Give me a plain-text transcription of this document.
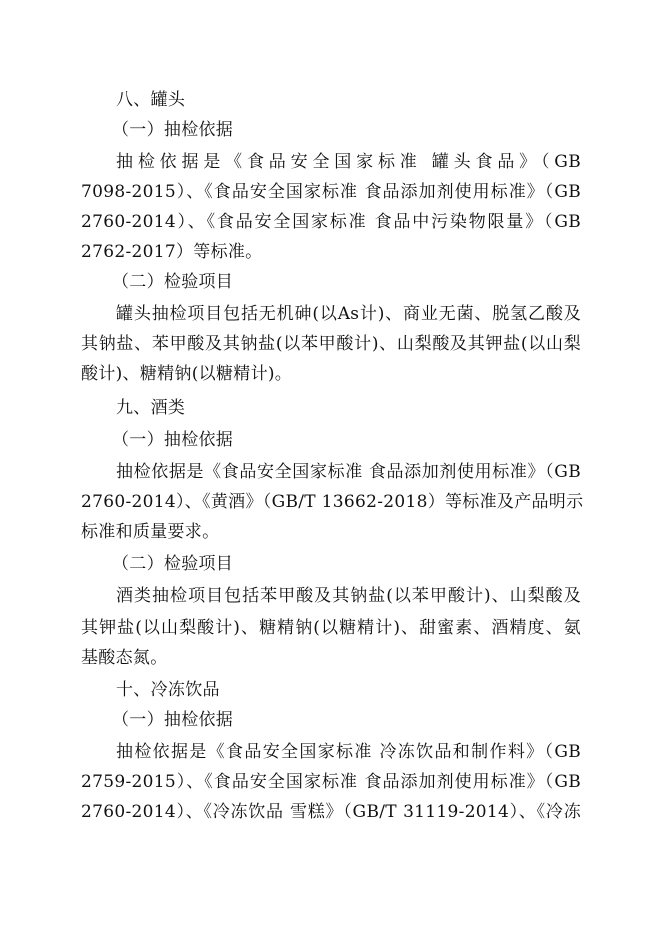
八、罐头
（一）抽检依据
抽检依据是《食品安全国家标准 罐头食品》（GB
7098-2015）、《食品安全国家标准 食品添加剂使用标准》（GB
2760-2014）、《食品安全国家标准 食品中污染物限量》（GB
2762-2017）等标准。
（二）检验项目
罐头抽检项目包括无机砷(以As计)、商业无菌、脱氢乙酸及
其钠盐、苯甲酸及其钠盐(以苯甲酸计)、山梨酸及其钾盐(以山梨
酸计)、糖精钠(以糖精计)。
九、酒类
（一）抽检依据
抽检依据是《食品安全国家标准 食品添加剂使用标准》（GB
2760-2014）、《黄酒》（GB/T 13662-2018）等标准及产品明示
标准和质量要求。
（二）检验项目
酒类抽检项目包括苯甲酸及其钠盐(以苯甲酸计)、山梨酸及
其钾盐(以山梨酸计)、糖精钠(以糖精计)、甜蜜素、酒精度、氨
基酸态氮。
十、冷冻饮品
（一）抽检依据
抽检依据是《食品安全国家标准 冷冻饮品和制作料》（GB
2759-2015）、《食品安全国家标准 食品添加剂使用标准》（GB
2760-2014）、《冷冻饮品 雪糕》（GB/T 31119-2014）、《冷冻
